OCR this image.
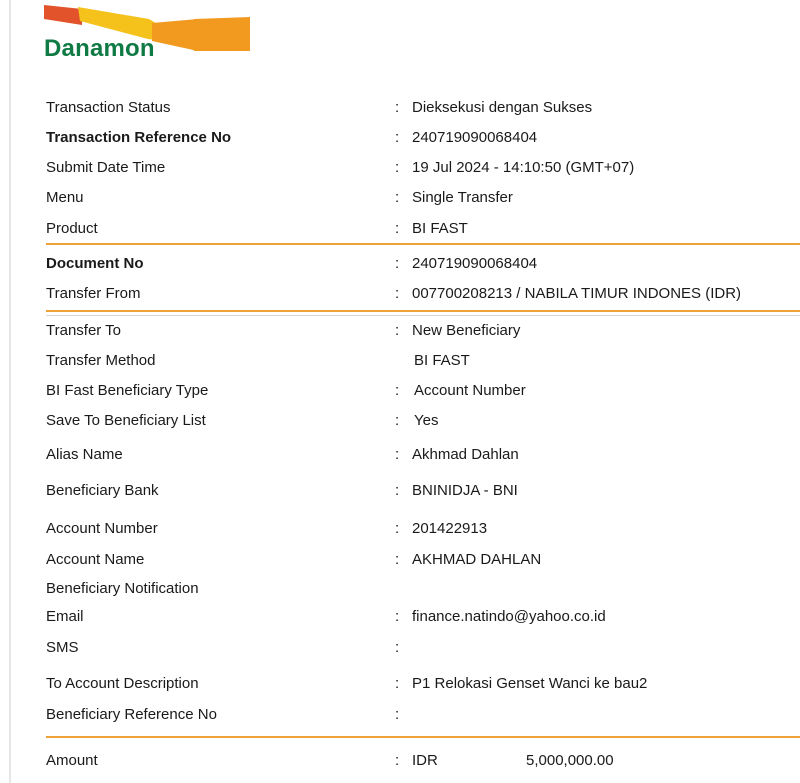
Danamon
Transaction Status	: Dieksekusi dengan Sukses
Transaction Reference No	: 240719090068404
Submit Date Time	: 19 Jul 2024 - 14:10:50 (GMT+07)
Menu	: Single Transfer
Product	: BI FAST
Document No	: 240719090068404
Transfer From	: 007700208213 / NABILA TIMUR INDONES (IDR)
Transfer To	: New Beneficiary
Transfer Method	BI FAST
BI Fast Beneficiary Type	: Account Number
Save To Beneficiary List	: Yes
Alias Name	: Akhmad Dahlan
Beneficiary Bank	: BNINIDJA - BNI
Account Number	: 201422913
Account Name	: AKHMAD DAHLAN
Beneficiary Notification
Email	: finance.natindo@yahoo.co.id
SMS	:
To Account Description	: P1 Relokasi Genset Wanci ke bau2
Beneficiary Reference No	:
Amount	: IDR	5,000,000.00
